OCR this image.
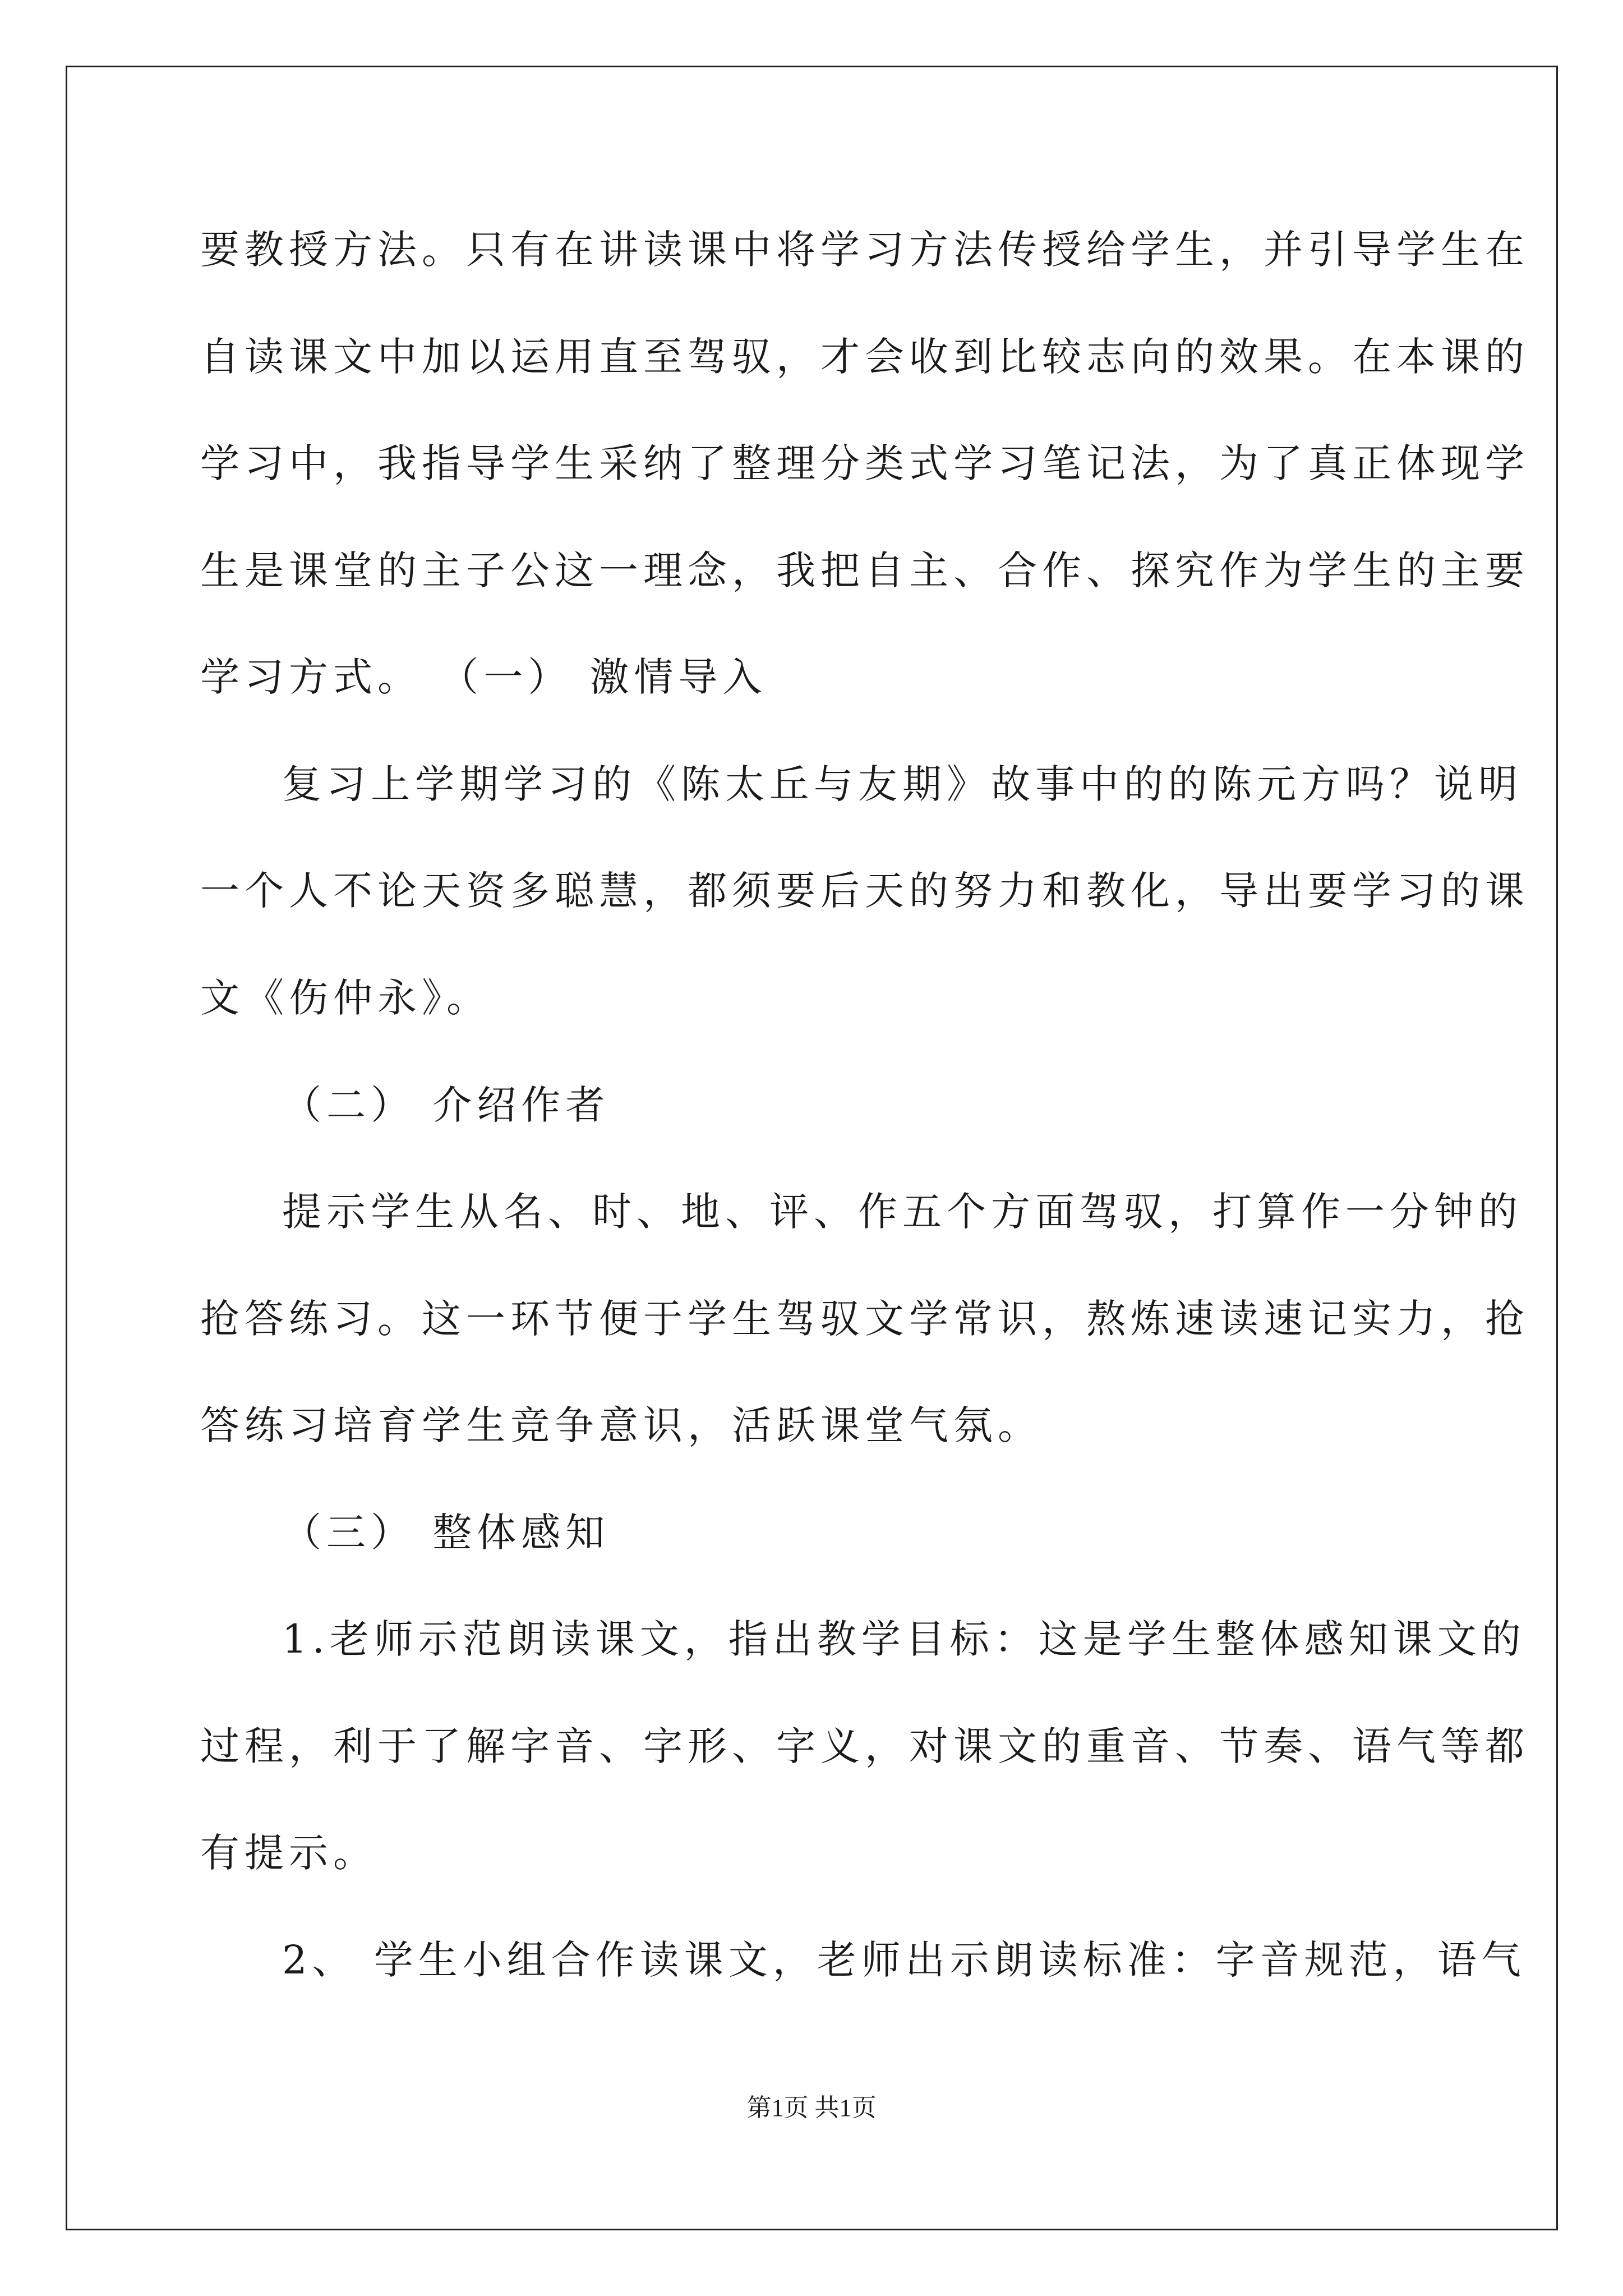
要教授方法。只有在讲读课中将学习方法传授给学生，并引导学生在
自读课文中加以运用直至驾驭，才会收到比较志向的效果。在本课的
学习中，我指导学生采纳了整理分类式学习笔记法，为了真正体现学
生是课堂的主子公这一理念，我把自主、合作、探究作为学生的主要
学习方式。 （一） 激情导入
复习上学期学习的《陈太丘与友期》故事中的的陈元方吗？说明
一个人不论天资多聪慧，都须要后天的努力和教化，导出要学习的课
文《伤仲永》。
（二） 介绍作者
提示学生从名、时、地、评、作五个方面驾驭，打算作一分钟的
抢答练习。这一环节便于学生驾驭文学常识，熬炼速读速记实力，抢
答练习培育学生竞争意识，活跃课堂气氛。
（三） 整体感知
1.老师示范朗读课文，指出教学目标：这是学生整体感知课文的
过程，利于了解字音、字形、字义，对课文的重音、节奏、语气等都
有提示。
2、 学生小组合作读课文，老师出示朗读标准：字音规范，语气
第1页 共1页
